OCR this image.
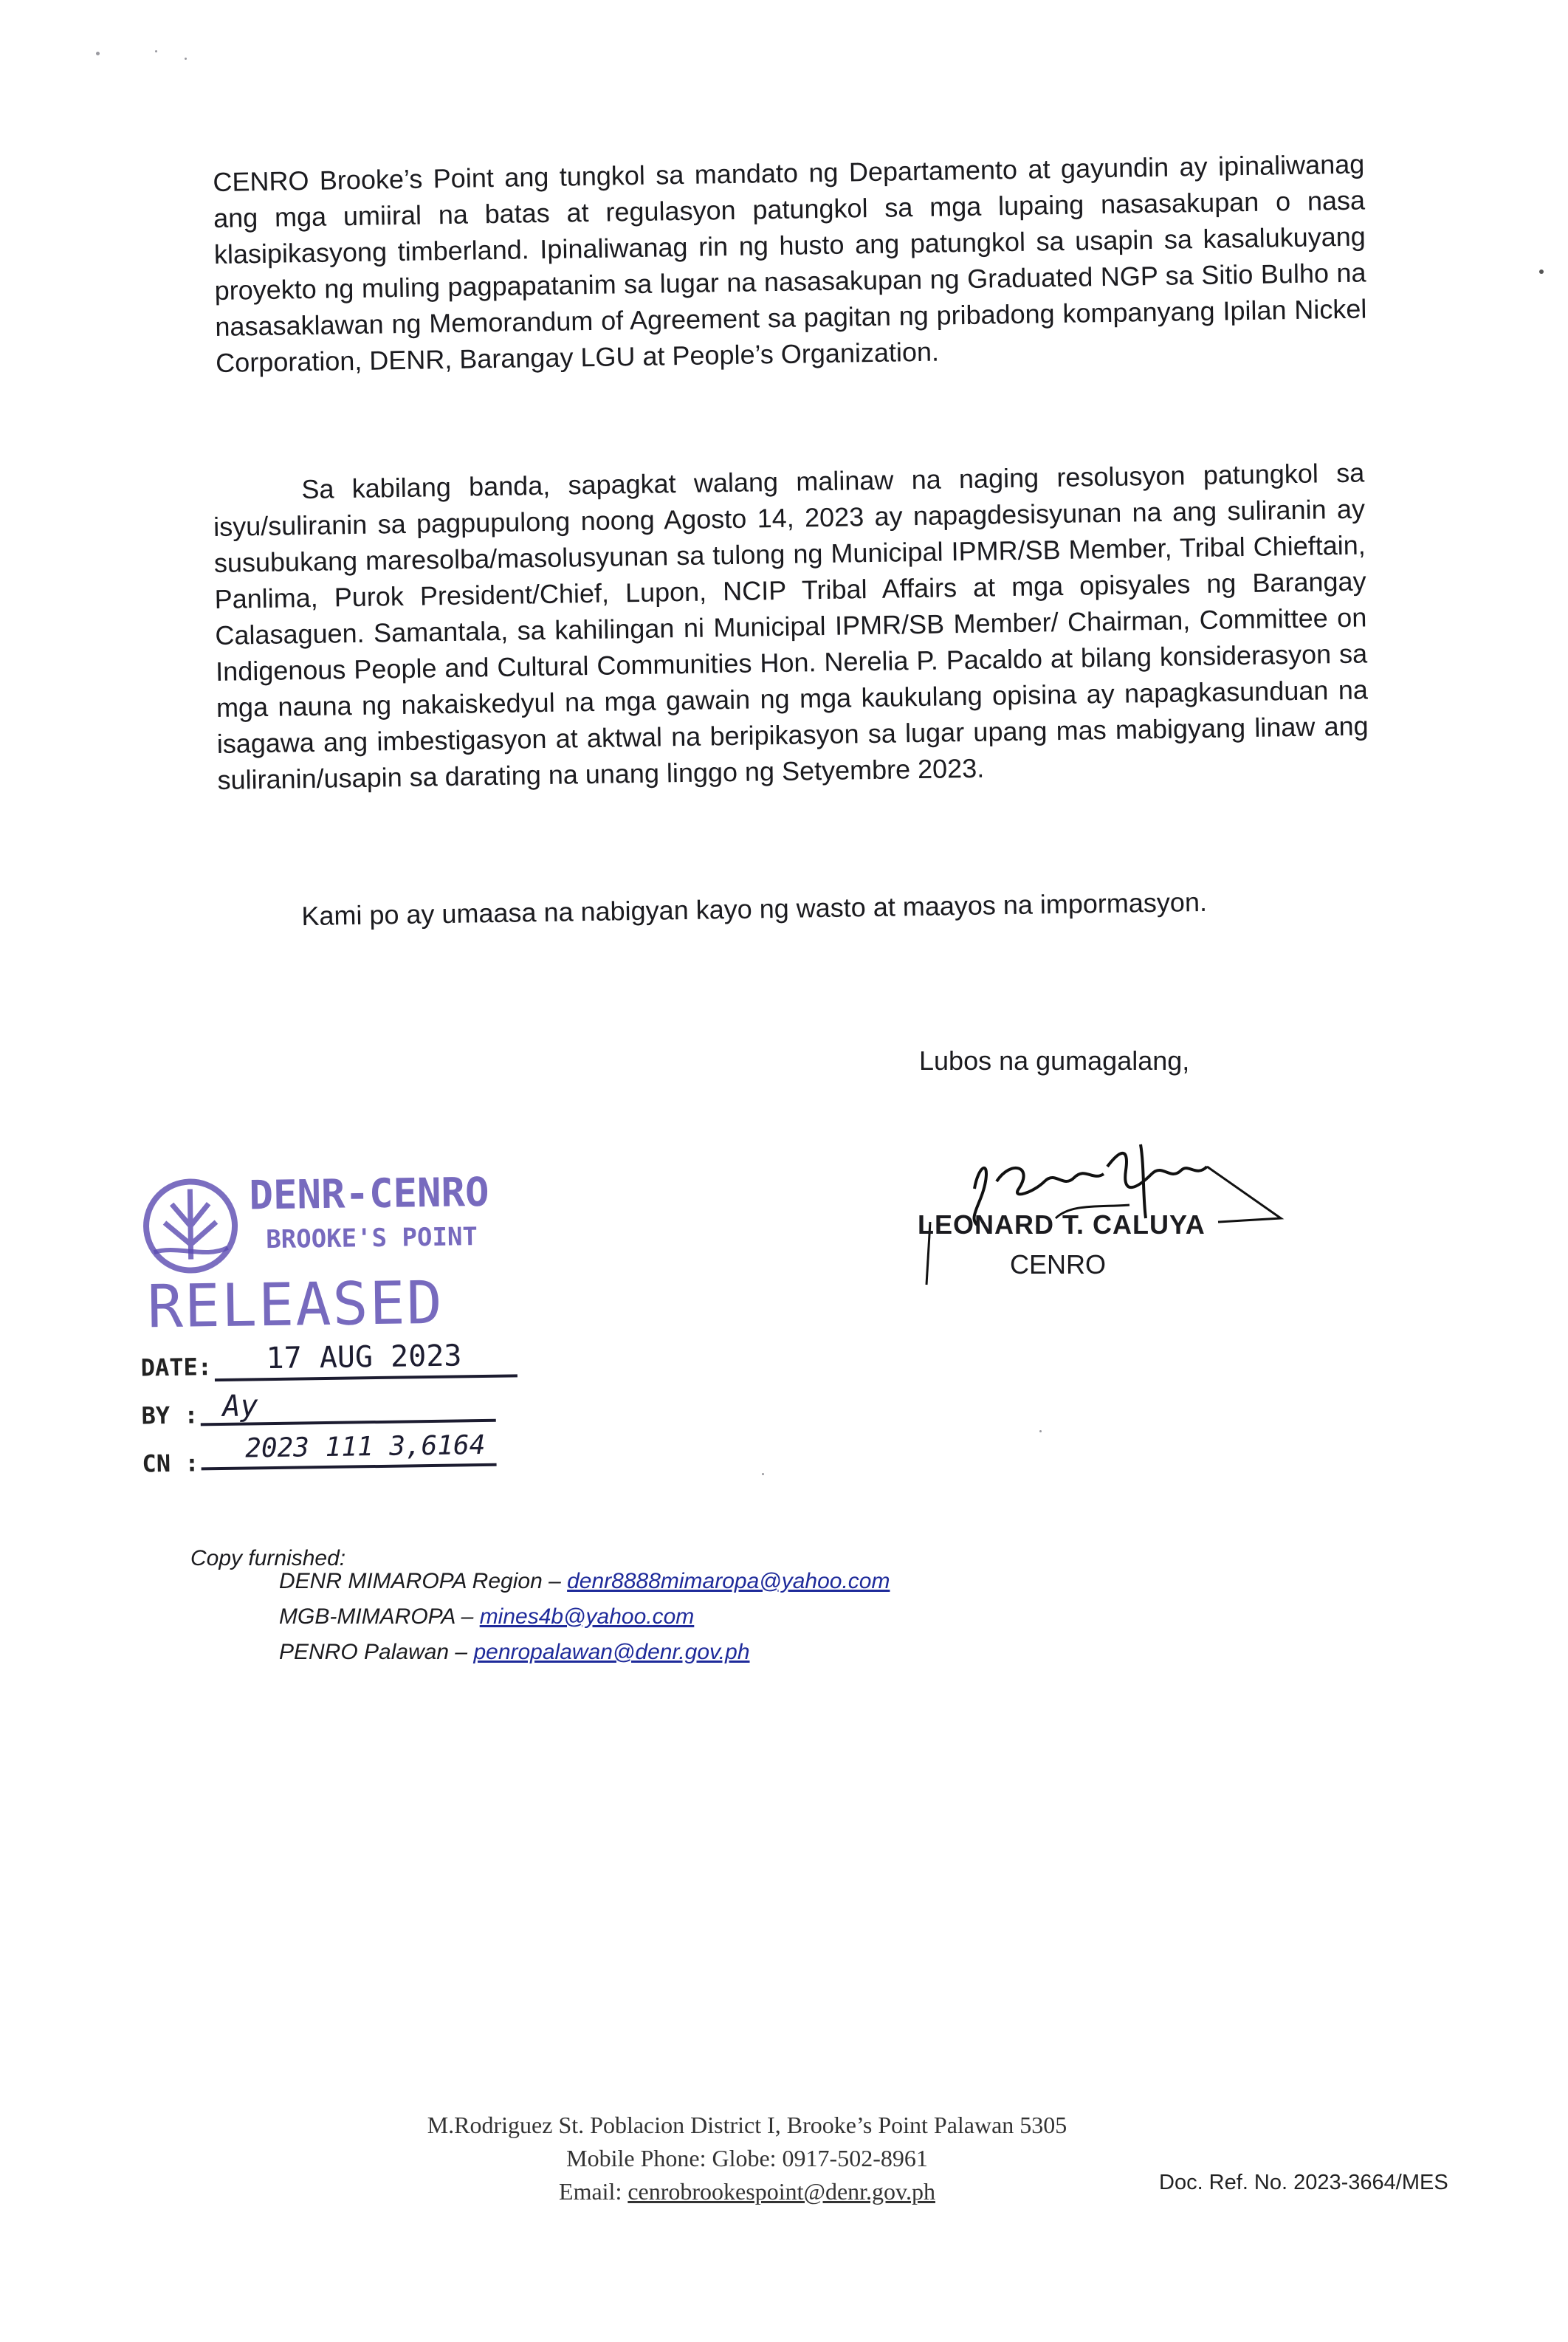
CENRO Brooke’s Point ang tungkol sa mandato ng Departamento at gayundin ay ipinaliwanag ang mga umiiral na batas at regulasyon patungkol sa mga lupaing nasasakupan o nasa klasipikasyong timberland. Ipinaliwanag rin ng husto ang patungkol sa usapin sa kasalukuyang proyekto ng muling pagpapatanim sa lugar na nasasakupan ng Graduated NGP sa Sitio Bulho na nasasaklawan ng Memorandum of Agreement sa pagitan ng pribadong kompanyang Ipilan Nickel Corporation, DENR, Barangay LGU at People’s Organization.

Sa kabilang banda, sapagkat walang malinaw na naging resolusyon patungkol sa isyu/suliranin sa pagpupulong noong Agosto 14, 2023 ay napagdesisyunan na ang suliranin ay susubukang maresolba/masolusyunan sa tulong ng Municipal IPMR/SB Member, Tribal Chieftain, Panlima, Purok President/Chief, Lupon, NCIP Tribal Affairs at mga opisyales ng Barangay Calasaguen. Samantala, sa kahilingan ni Municipal IPMR/SB Member/ Chairman, Committee on Indigenous People and Cultural Communities Hon. Nerelia P. Pacaldo at bilang konsiderasyon sa mga nauna ng nakaiskedyul na mga gawain ng mga kaukulang opisina ay napagkasunduan na isagawa ang imbestigasyon at aktwal na beripikasyon sa lugar upang mas mabigyang linaw ang suliranin/usapin sa darating na unang linggo ng Setyembre 2023.

Kami po ay umaasa na nabigyan kayo ng wasto at maayos na impormasyon.

Lubos na gumagalang,
LEONARD T. CALUYA
CENRO
DENR-CENRO
BROOKE'S POINT
RELEASED
DATE: 17 AUG 2023
BY : Ay
CN : 2023 111 3,6164
Copy furnished:
DENR MIMAROPA Region – denr8888mimaropa@yahoo.com
MGB-MIMAROPA – mines4b@yahoo.com
PENRO Palawan – penropalawan@denr.gov.ph
M.Rodriguez St. Poblacion District I, Brooke’s Point Palawan 5305
Mobile Phone: Globe: 0917-502-8961
Email: cenrobrookespoint@denr.gov.ph	Doc. Ref. No. 2023-3664/MES
